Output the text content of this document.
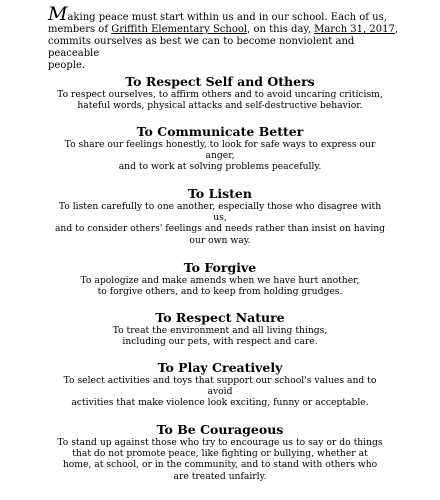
Making peace must start within us and in our school. Each of us,
members of Griffith Elementary School, on this day, March 31, 2017,
commits ourselves as best we can to become nonviolent and peaceable
people.
To Respect Self and Others
To respect ourselves, to affirm others and to avoid uncaring criticism,
hateful words, physical attacks and self-destructive behavior.
To Communicate Better
To share our feelings honestly, to look for safe ways to express our
anger,
and to work at solving problems peacefully.
To Listen
To listen carefully to one another, especially those who disagree with
us,
and to consider others' feelings and needs rather than insist on having
our own way.
To Forgive
To apologize and make amends when we have hurt another,
to forgive others, and to keep from holding grudges.
To Respect Nature
To treat the environment and all living things,
including our pets, with respect and care.
To Play Creatively
To select activities and toys that support our school's values and to
avoid
activities that make violence look exciting, funny or acceptable.
To Be Courageous
To stand up against those who try to encourage us to say or do things
that do not promote peace, like fighting or bullying, whether at
home, at school, or in the community, and to stand with others who
are treated unfairly.
